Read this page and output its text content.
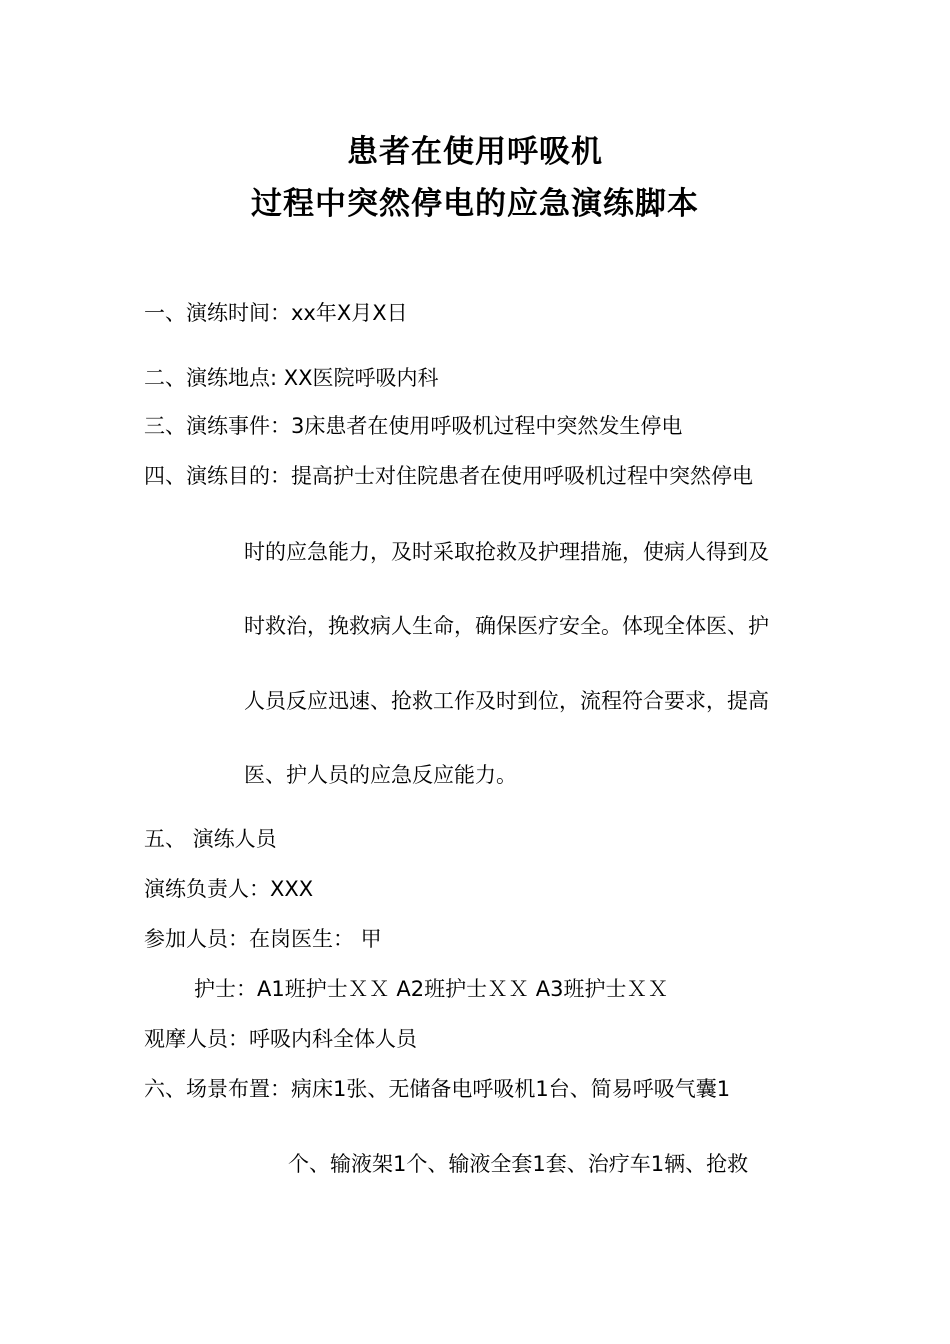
患者在使用呼吸机
过程中突然停电的应急演练脚本
一、演练时间：xx年X月X日
二、演练地点: XX医院呼吸内科
三、演练事件：3床患者在使用呼吸机过程中突然发生停电
四、演练目的：提高护士对住院患者在使用呼吸机过程中突然停电
时的应急能力，及时采取抢救及护理措施，使病人得到及
时救治，挽救病人生命，确保医疗安全。体现全体医、护
人员反应迅速、抢救工作及时到位，流程符合要求，提高
医、护人员的应急反应能力。
五、 演练人员
演练负责人：XXX
参加人员：在岗医生： 甲
护士：A1班护士ＸＸ A2班护士ＸＸ A3班护士ＸＸ
观摩人员：呼吸内科全体人员
六、场景布置：病床1张、无储备电呼吸机1台、简易呼吸气囊1
个、输液架1个、输液全套1套、治疗车1辆、抢救
